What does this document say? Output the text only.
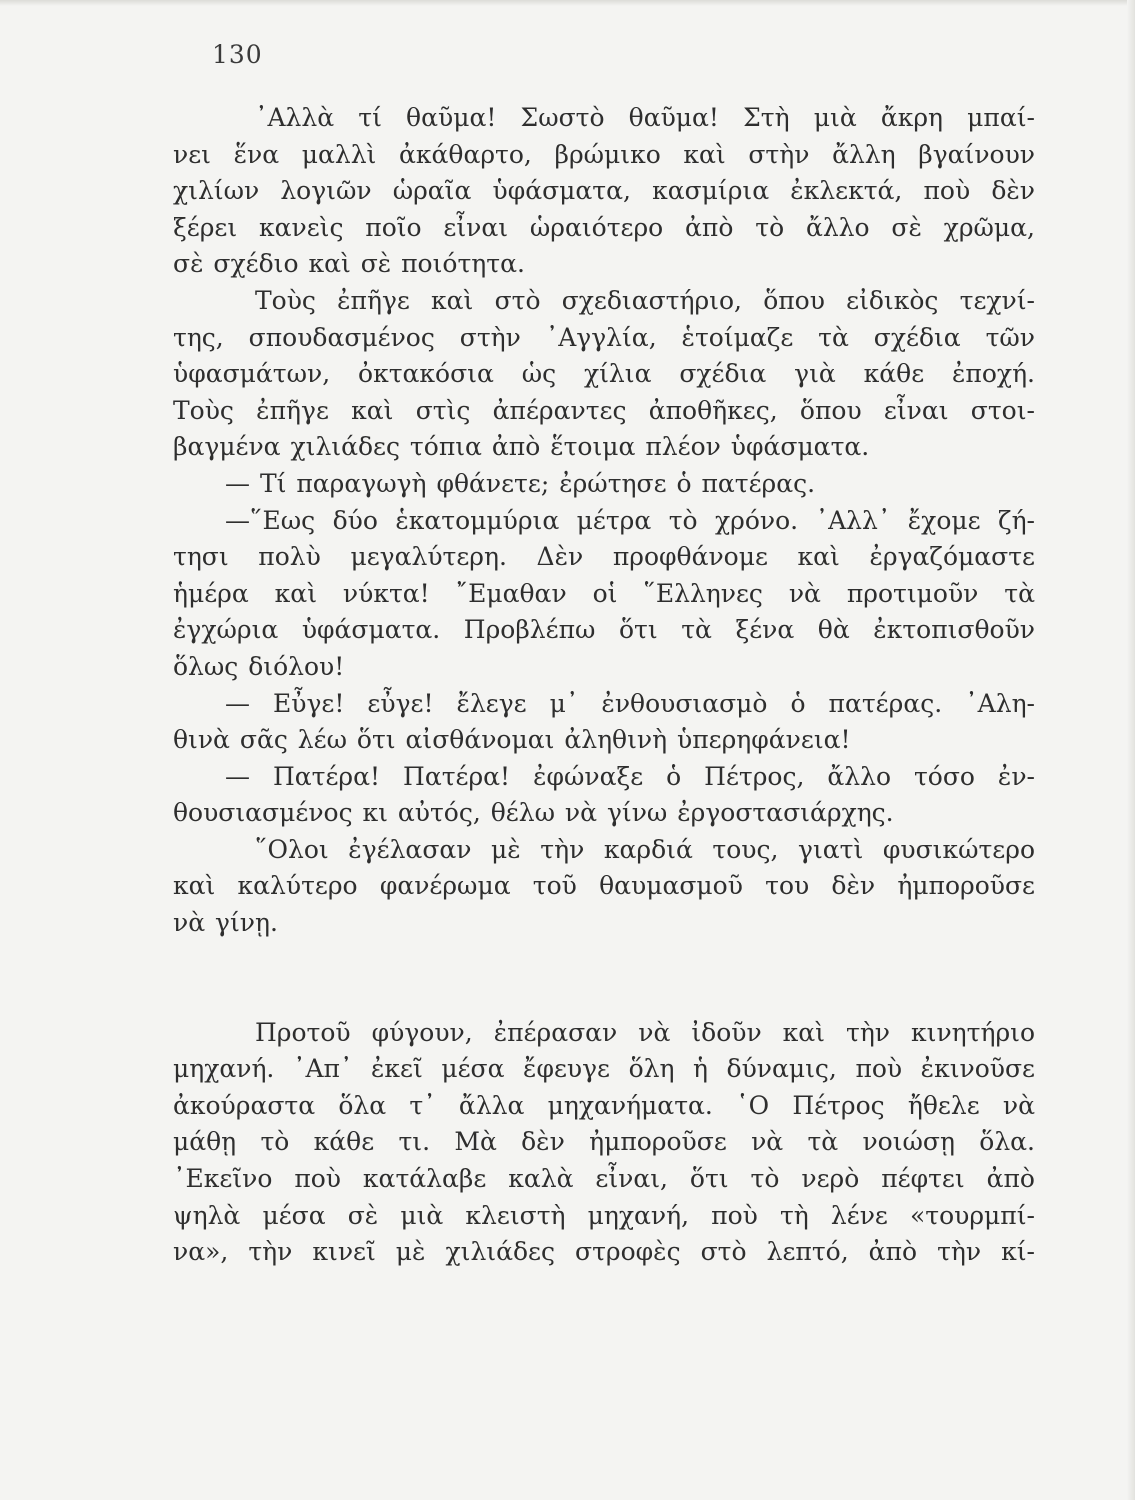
130
᾿Αλλὰ τί θαῦμα! Σωστὸ θαῦμα! Στὴ μιὰ ἄκρη μπαί-
νει ἕνα μαλλὶ ἀκάθαρτο, βρώμικο καὶ στὴν ἄλλη βγαίνουν
χιλίων λογιῶν ὡραῖα ὑφάσματα, κασμίρια ἐκλεκτά, ποὺ δὲν
ξέρει κανεὶς ποῖο εἶναι ὡραιότερο ἀπὸ τὸ ἄλλο σὲ χρῶμα,
σὲ σχέδιο καὶ σὲ ποιότητα.
Τοὺς ἐπῆγε καὶ στὸ σχεδιαστήριο, ὅπου εἰδικὸς τεχνί-
της, σπουδασμένος στὴν ᾿Αγγλία, ἑτοίμαζε τὰ σχέδια τῶν
ὑφασμάτων, ὀκτακόσια ὡς χίλια σχέδια γιὰ κάθε ἐποχή.
Τοὺς ἐπῆγε καὶ στὶς ἀπέραντες ἀποθῆκες, ὅπου εἶναι στοι-
βαγμένα χιλιάδες τόπια ἀπὸ ἕτοιμα πλέον ὑφάσματα.
— Τί παραγωγὴ φθάνετε; ἐρώτησε ὁ πατέρας.
—῞Εως δύο ἑκατομμύρια μέτρα τὸ χρόνο. ᾿Αλλ᾿ ἔχομε ζή-
τησι πολὺ μεγαλύτερη. Δὲν προφθάνομε καὶ ἐργαζόμαστε
ἡμέρα καὶ νύκτα! ῎Εμαθαν οἱ ῞Ελληνες νὰ προτιμοῦν τὰ
ἐγχώρια ὑφάσματα. Προβλέπω ὅτι τὰ ξένα θὰ ἐκτοπισθοῦν
ὅλως διόλου!
— Εὖγε! εὖγε! ἔλεγε μ᾿ ἐνθουσιασμὸ ὁ πατέρας. ᾿Αλη-
θινὰ σᾶς λέω ὅτι αἰσθάνομαι ἀληθινὴ ὑπερηφάνεια!
— Πατέρα! Πατέρα! ἐφώναξε ὁ Πέτρος, ἄλλο τόσο ἐν-
θουσιασμένος κι αὐτός, θέλω νὰ γίνω ἐργοστασιάρχης.
῞Ολοι ἐγέλασαν μὲ τὴν καρδιά τους, γιατὶ φυσικώτερο
καὶ καλύτερο φανέρωμα τοῦ θαυμασμοῦ του δὲν ἠμποροῦσε
νὰ γίνῃ.
Προτοῦ φύγουν, ἐπέρασαν νὰ ἰδοῦν καὶ τὴν κινητήριο
μηχανή. ᾿Απ᾿ ἐκεῖ μέσα ἔφευγε ὅλη ἡ δύναμις, ποὺ ἐκινοῦσε
ἀκούραστα ὅλα τ᾿ ἄλλα μηχανήματα. ῾Ο Πέτρος ἤθελε νὰ
μάθῃ τὸ κάθε τι. Μὰ δὲν ἠμποροῦσε νὰ τὰ νοιώσῃ ὅλα.
᾿Εκεῖνο ποὺ κατάλαβε καλὰ εἶναι, ὅτι τὸ νερὸ πέφτει ἀπὸ
ψηλὰ μέσα σὲ μιὰ κλειστὴ μηχανή, ποὺ τὴ λένε «τουρμπί-
να», τὴν κινεῖ μὲ χιλιάδες στροφὲς στὸ λεπτό, ἀπὸ τὴν κί-
